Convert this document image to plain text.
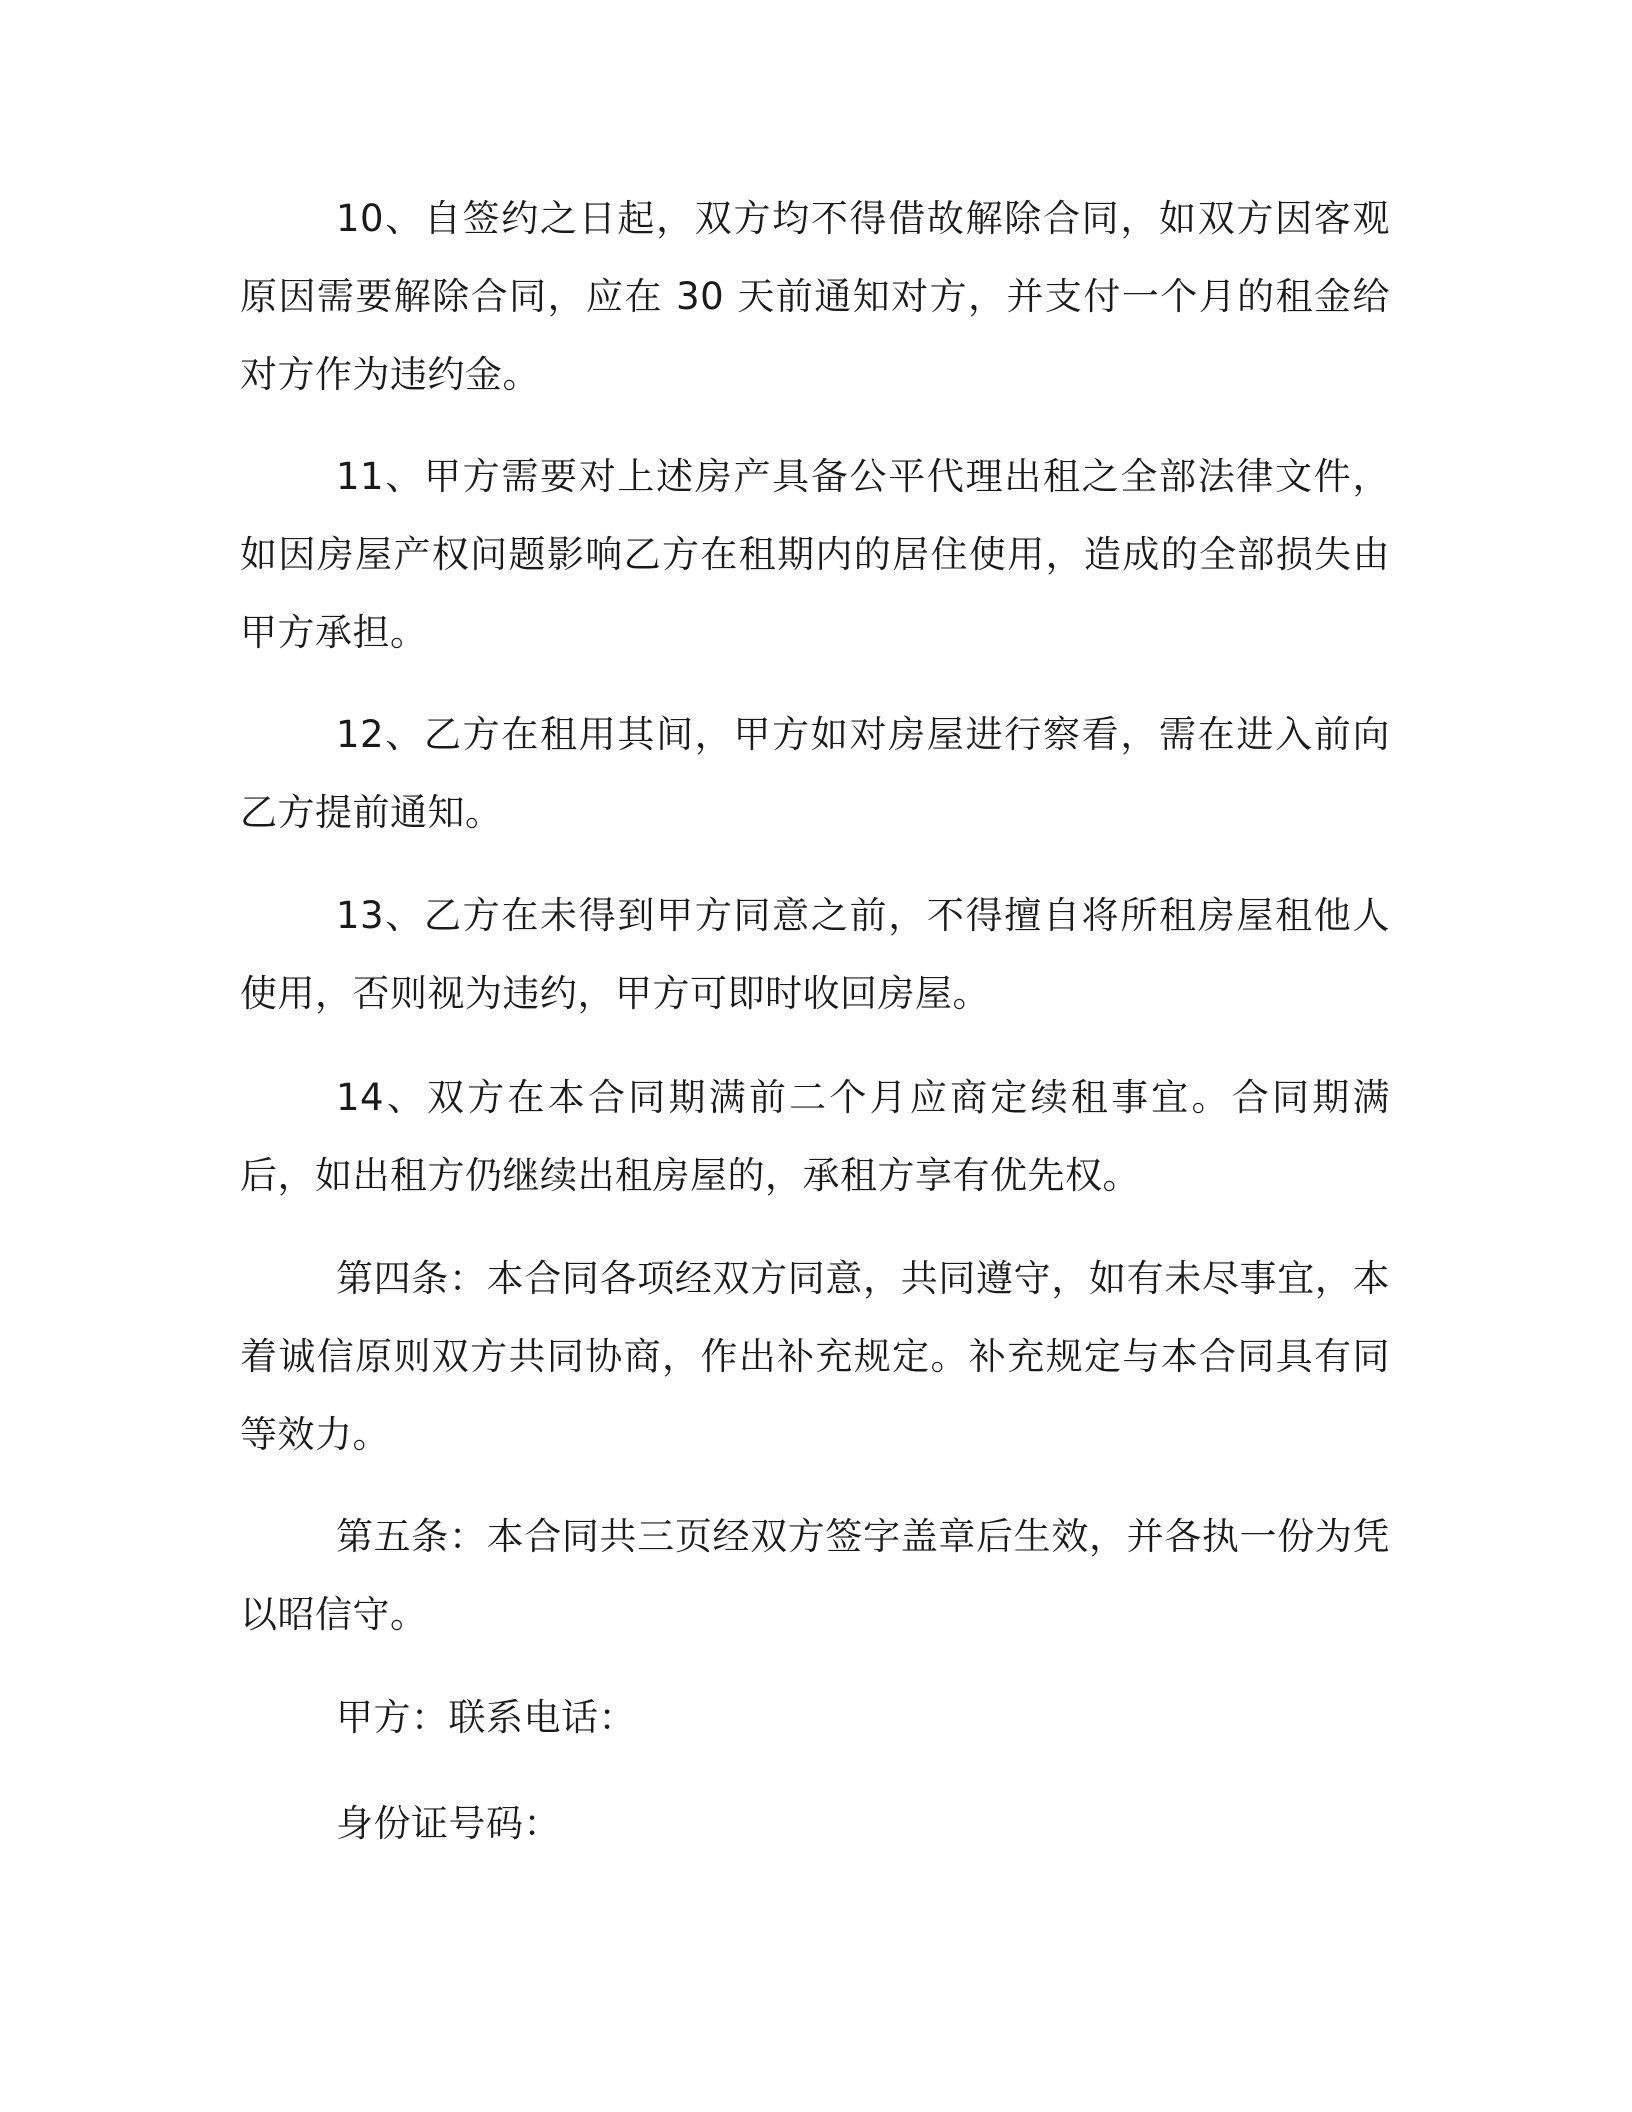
10、自签约之日起，双方均不得借故解除合同，如双方因客观原因需要解除合同，应在 30 天前通知对方，并支付一个月的租金给对方作为违约金。

11、甲方需要对上述房产具备公平代理出租之全部法律文件，如因房屋产权问题影响乙方在租期内的居住使用，造成的全部损失由甲方承担。

12、乙方在租用其间，甲方如对房屋进行察看，需在进入前向乙方提前通知。

13、乙方在未得到甲方同意之前，不得擅自将所租房屋租他人使用，否则视为违约，甲方可即时收回房屋。

14、双方在本合同期满前二个月应商定续租事宜。合同期满后，如出租方仍继续出租房屋的，承租方享有优先权。

第四条：本合同各项经双方同意，共同遵守，如有未尽事宜，本着诚信原则双方共同协商，作出补充规定。补充规定与本合同具有同等效力。

第五条：本合同共三页经双方签字盖章后生效，并各执一份为凭以昭信守。

甲方：联系电话：

身份证号码：
